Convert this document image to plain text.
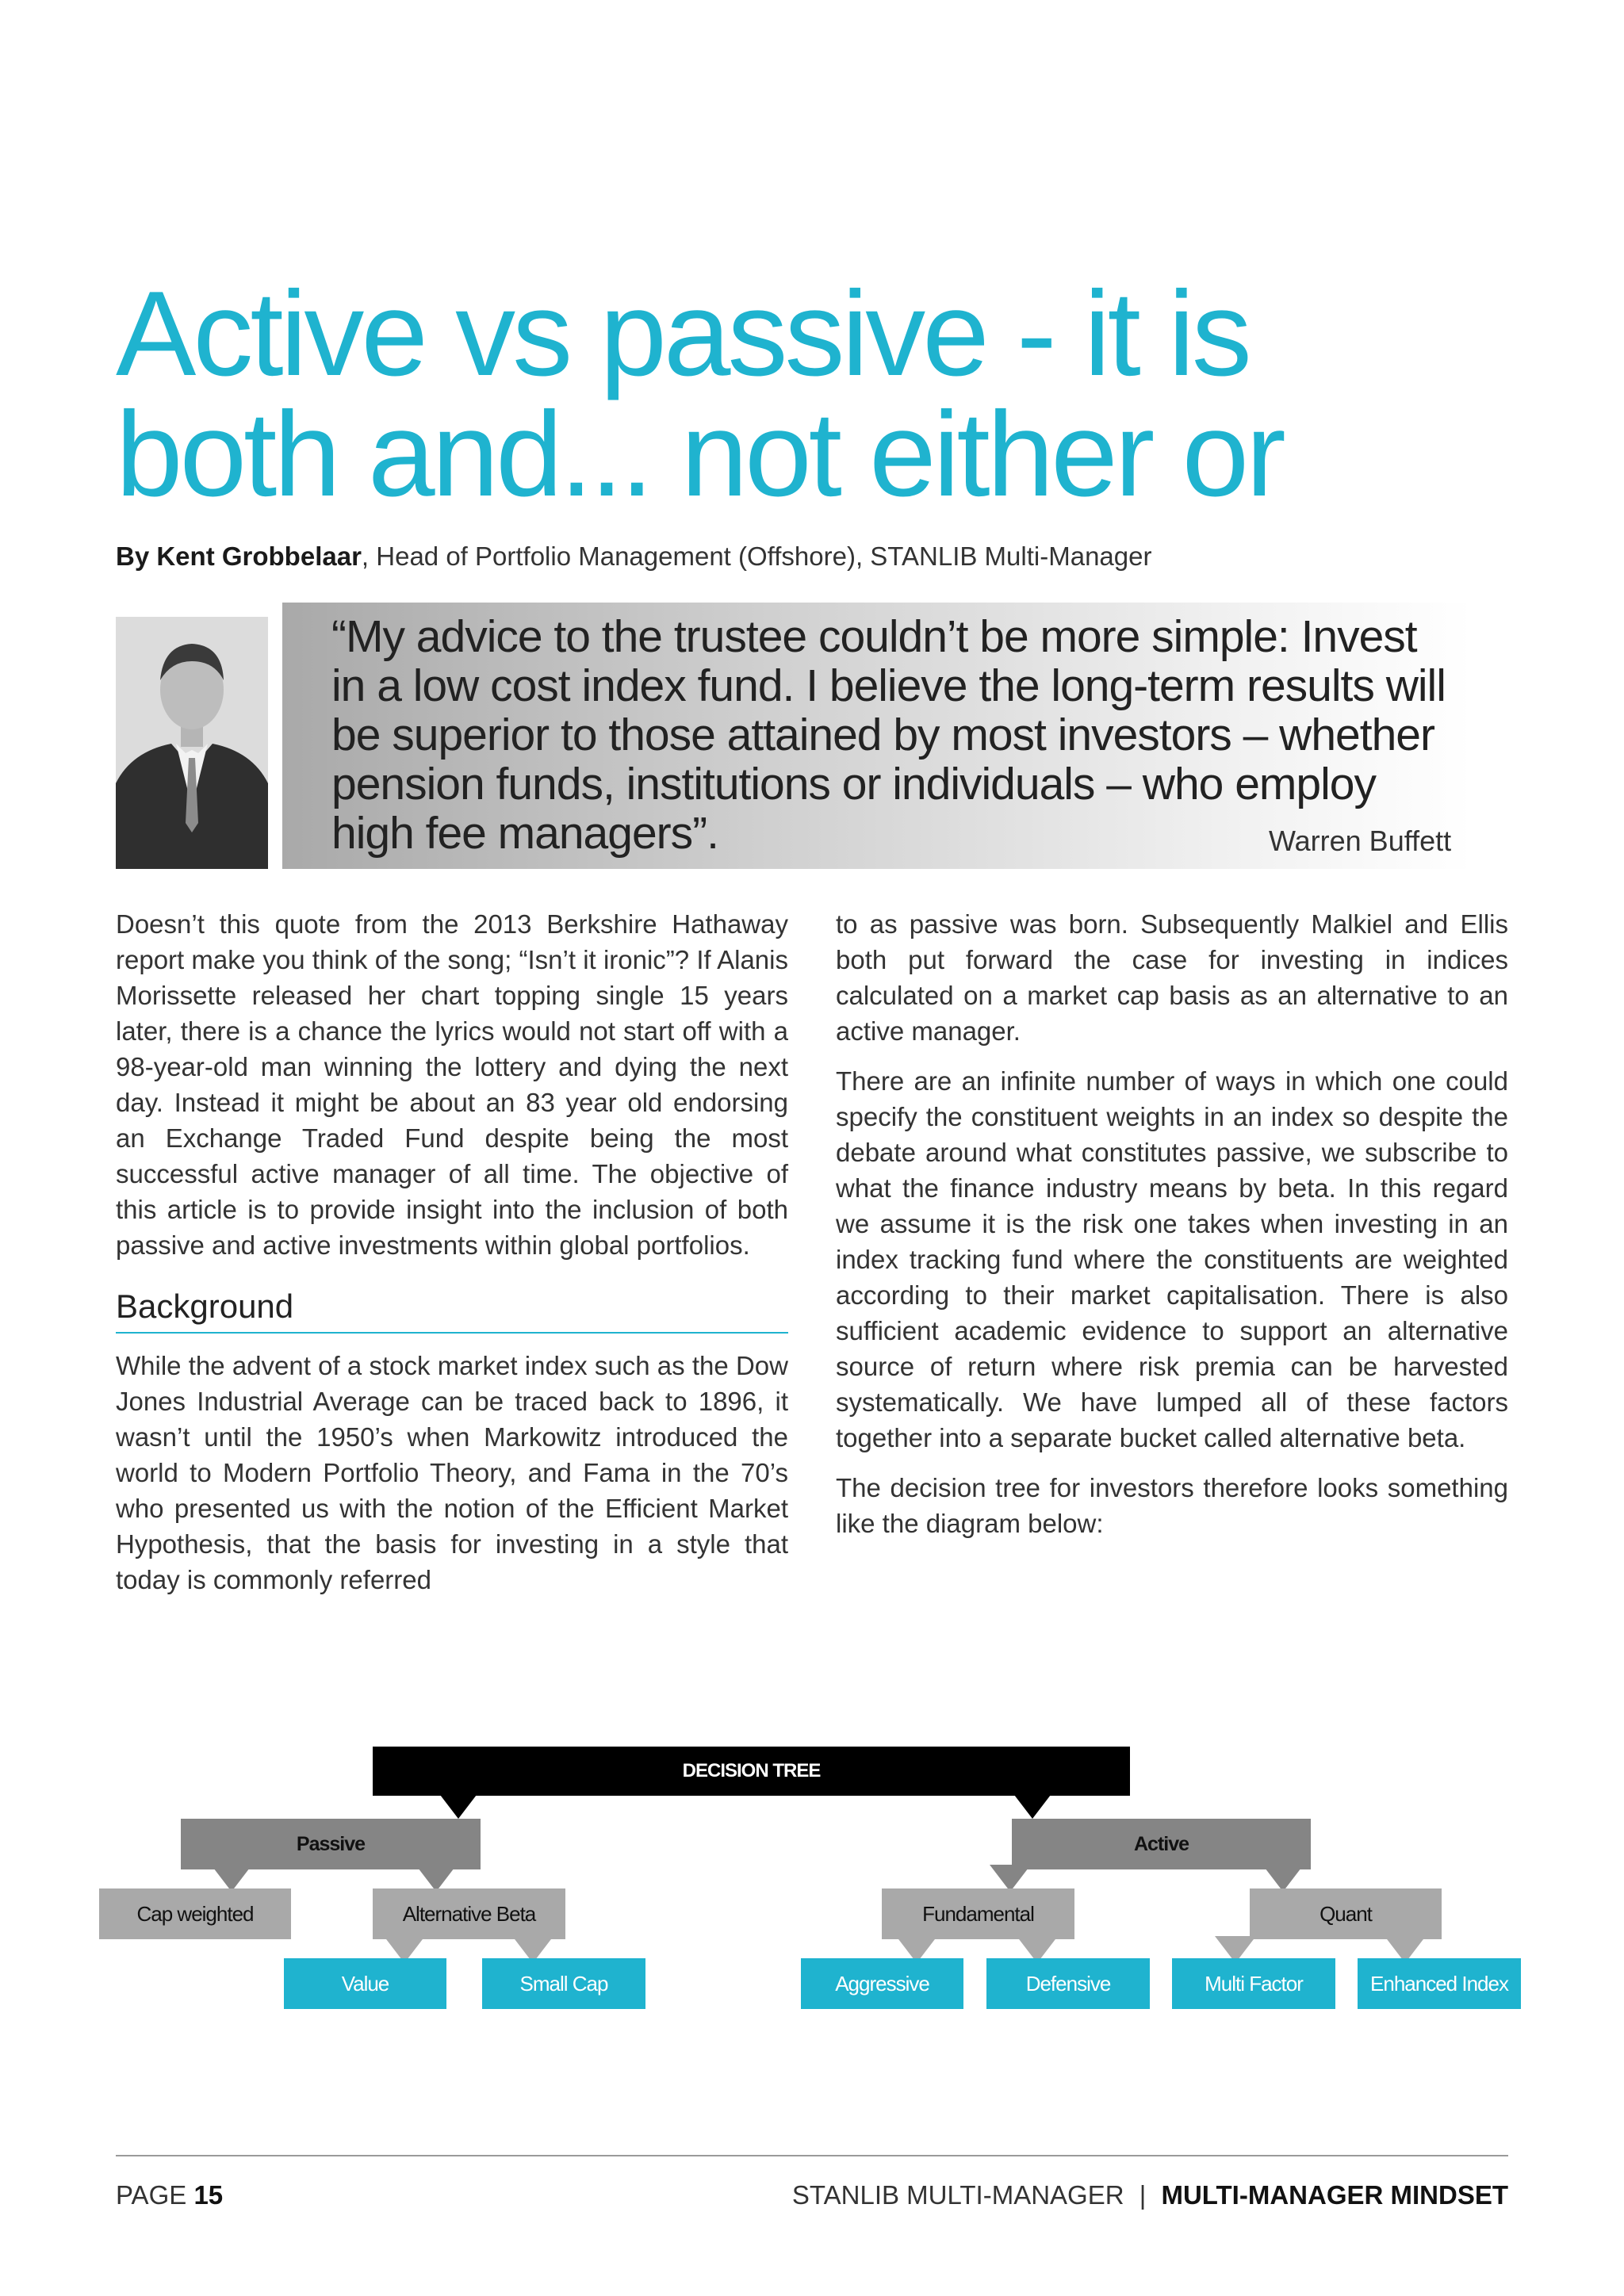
Active vs passive - it is
both and... not either or
By Kent Grobbelaar, Head of Portfolio Management (Offshore), STANLIB Multi-Manager
“My advice to the trustee couldn’t be more simple: Invest
in a low cost index fund. I believe the long-term results will
be superior to those attained by most investors – whether
pension funds, institutions or individuals – who employ
high fee managers”.	Warren Buffett

Doesn’t this quote from the 2013 Berkshire Hathaway report make you think of the song; “Isn’t it ironic”? If Alanis Morissette released her chart topping single 15 years later, there is a chance the lyrics would not start off with a 98-year-old man winning the lottery and dying the next day. Instead it might be about an 83 year old endorsing an Exchange Traded Fund despite being the most successful active manager of all time. The objective of this article is to provide insight into the inclusion of both passive and active investments within global portfolios.

Background

While the advent of a stock market index such as the Dow Jones Industrial Average can be traced back to 1896, it wasn’t until the 1950’s when Markowitz introduced the world to Modern Portfolio Theory, and Fama in the 70’s who presented us with the notion of the Efficient Market Hypothesis, that the basis for investing in a style that today is commonly referred

to as passive was born. Subsequently Malkiel and Ellis both put forward the case for investing in indices calculated on a market cap basis as an alternative to an active manager.

There are an infinite number of ways in which one could specify the constituent weights in an index so despite the debate around what constitutes passive, we subscribe to what the finance industry means by beta. In this regard we assume it is the risk one takes when investing in an index tracking fund where the constituents are weighted according to their market capitalisation. There is also sufficient academic evidence to support an alternative source of return where risk premia can be harvested systematically. We have lumped all of these factors together into a separate bucket called alternative beta.

The decision tree for investors therefore looks something like the diagram below:

DECISION TREE
Passive	Active
Cap weighted	Alternative Beta	Fundamental	Quant
Value	Small Cap	Aggressive	Defensive	Multi Factor	Enhanced Index
PAGE 15	STANLIB MULTI-MANAGER | MULTI-MANAGER MINDSET
